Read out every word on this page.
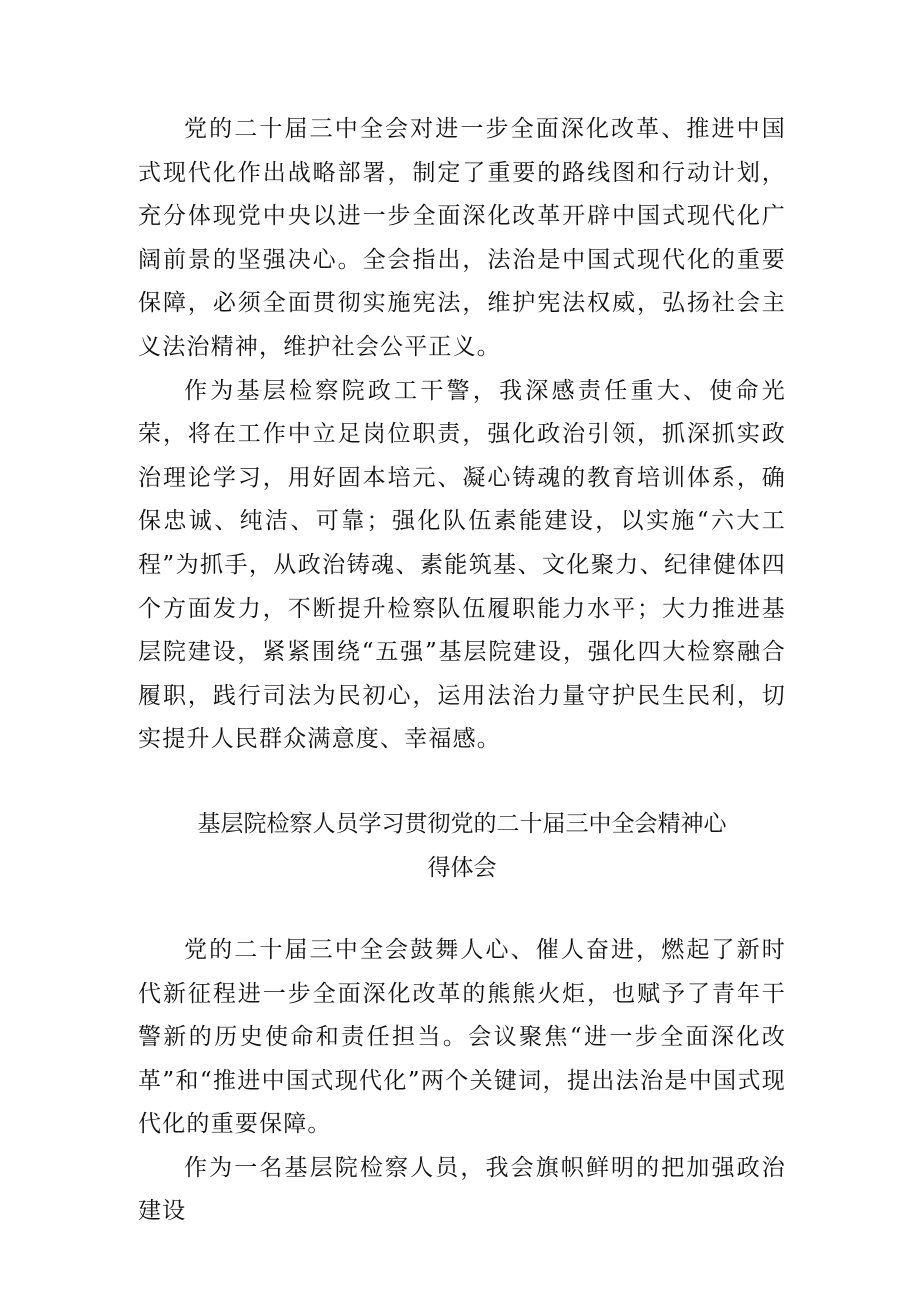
党的二十届三中全会对进一步全面深化改革、推进中国式现代化作出战略部署，制定了重要的路线图和行动计划，充分体现党中央以进一步全面深化改革开辟中国式现代化广阔前景的坚强决心。全会指出，法治是中国式现代化的重要保障，必须全面贯彻实施宪法，维护宪法权威，弘扬社会主义法治精神，维护社会公平正义。

作为基层检察院政工干警，我深感责任重大、使命光荣，将在工作中立足岗位职责，强化政治引领，抓深抓实政治理论学习，用好固本培元、凝心铸魂的教育培训体系，确保忠诚、纯洁、可靠；强化队伍素能建设，以实施“六大工程”为抓手，从政治铸魂、素能筑基、文化聚力、纪律健体四个方面发力，不断提升检察队伍履职能力水平；大力推进基层院建设，紧紧围绕“五强”基层院建设，强化四大检察融合履职，践行司法为民初心，运用法治力量守护民生民利，切实提升人民群众满意度、幸福感。

基层院检察人员学习贯彻党的二十届三中全会精神心
得体会

党的二十届三中全会鼓舞人心、催人奋进，燃起了新时代新征程进一步全面深化改革的熊熊火炬，也赋予了青年干警新的历史使命和责任担当。会议聚焦“进一步全面深化改革”和“推进中国式现代化”两个关键词，提出法治是中国式现代化的重要保障。

作为一名基层院检察人员，我会旗帜鲜明的把加强政治建设
